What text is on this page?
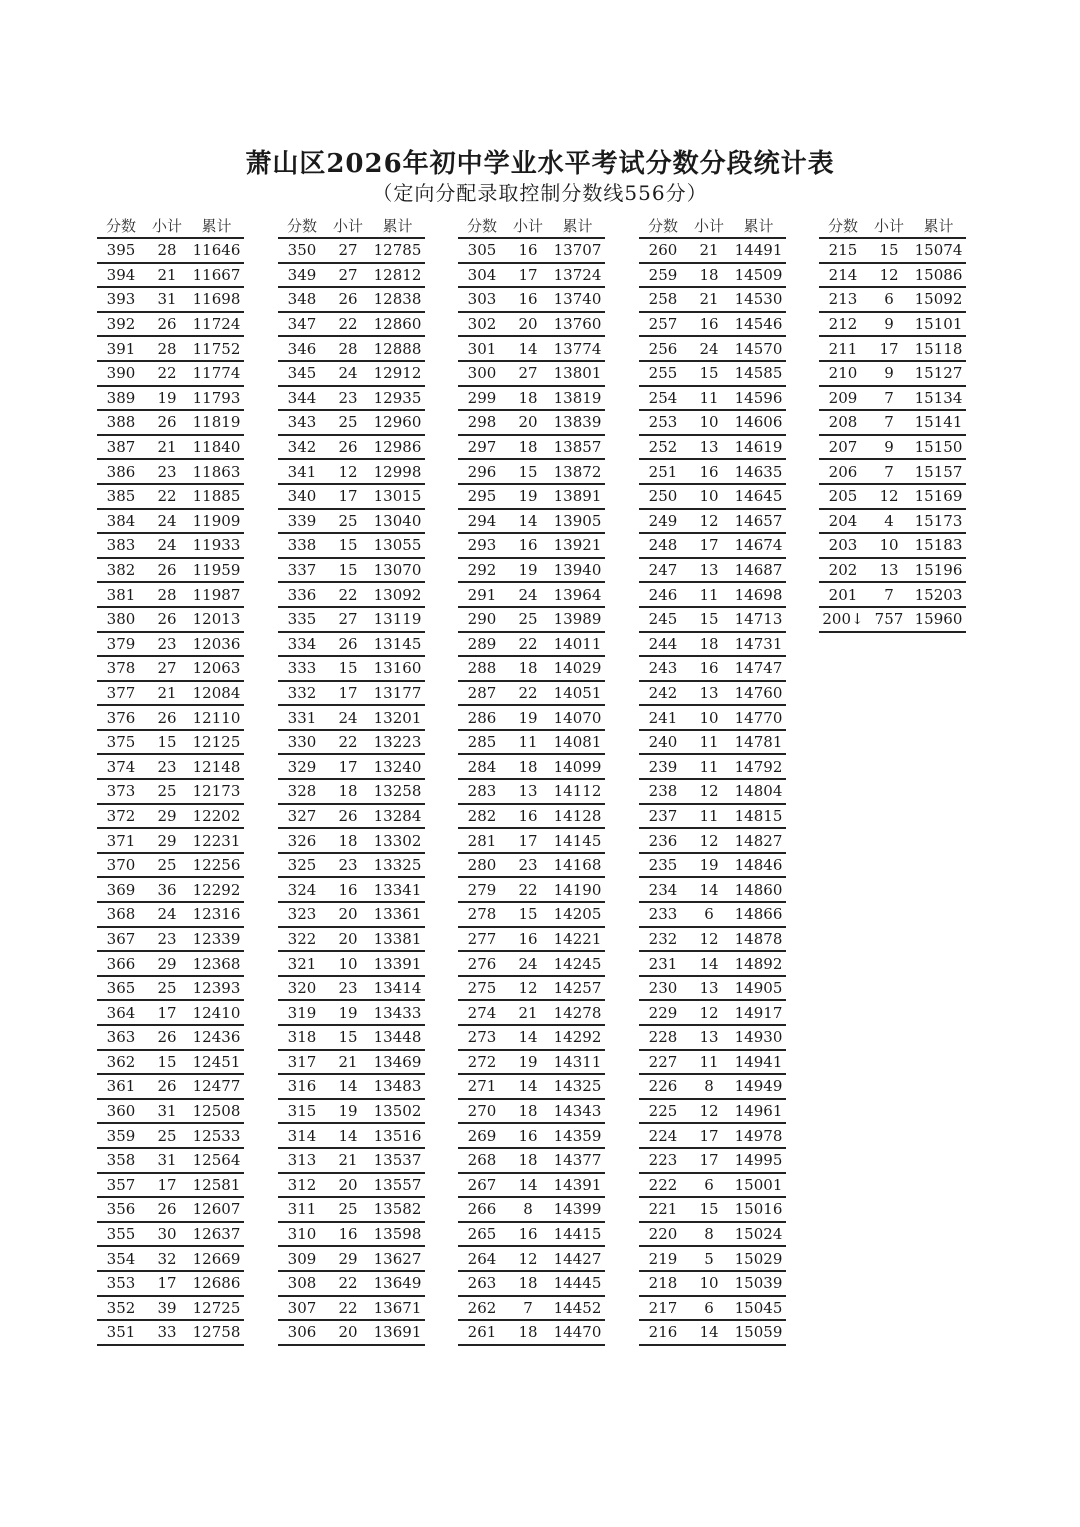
萧山区2026年初中学业水平考试分数分段统计表
（定向分配录取控制分数线556分）
分数	小计	累计
395	28	11646
394	21	11667
393	31	11698
392	26	11724
391	28	11752
390	22	11774
389	19	11793
388	26	11819
387	21	11840
386	23	11863
385	22	11885
384	24	11909
383	24	11933
382	26	11959
381	28	11987
380	26	12013
379	23	12036
378	27	12063
377	21	12084
376	26	12110
375	15	12125
374	23	12148
373	25	12173
372	29	12202
371	29	12231
370	25	12256
369	36	12292
368	24	12316
367	23	12339
366	29	12368
365	25	12393
364	17	12410
363	26	12436
362	15	12451
361	26	12477
360	31	12508
359	25	12533
358	31	12564
357	17	12581
356	26	12607
355	30	12637
354	32	12669
353	17	12686
352	39	12725
351	33	12758
分数	小计	累计
350	27	12785
349	27	12812
348	26	12838
347	22	12860
346	28	12888
345	24	12912
344	23	12935
343	25	12960
342	26	12986
341	12	12998
340	17	13015
339	25	13040
338	15	13055
337	15	13070
336	22	13092
335	27	13119
334	26	13145
333	15	13160
332	17	13177
331	24	13201
330	22	13223
329	17	13240
328	18	13258
327	26	13284
326	18	13302
325	23	13325
324	16	13341
323	20	13361
322	20	13381
321	10	13391
320	23	13414
319	19	13433
318	15	13448
317	21	13469
316	14	13483
315	19	13502
314	14	13516
313	21	13537
312	20	13557
311	25	13582
310	16	13598
309	29	13627
308	22	13649
307	22	13671
306	20	13691
分数	小计	累计
305	16	13707
304	17	13724
303	16	13740
302	20	13760
301	14	13774
300	27	13801
299	18	13819
298	20	13839
297	18	13857
296	15	13872
295	19	13891
294	14	13905
293	16	13921
292	19	13940
291	24	13964
290	25	13989
289	22	14011
288	18	14029
287	22	14051
286	19	14070
285	11	14081
284	18	14099
283	13	14112
282	16	14128
281	17	14145
280	23	14168
279	22	14190
278	15	14205
277	16	14221
276	24	14245
275	12	14257
274	21	14278
273	14	14292
272	19	14311
271	14	14325
270	18	14343
269	16	14359
268	18	14377
267	14	14391
266	8	14399
265	16	14415
264	12	14427
263	18	14445
262	7	14452
261	18	14470
分数	小计	累计
260	21	14491
259	18	14509
258	21	14530
257	16	14546
256	24	14570
255	15	14585
254	11	14596
253	10	14606
252	13	14619
251	16	14635
250	10	14645
249	12	14657
248	17	14674
247	13	14687
246	11	14698
245	15	14713
244	18	14731
243	16	14747
242	13	14760
241	10	14770
240	11	14781
239	11	14792
238	12	14804
237	11	14815
236	12	14827
235	19	14846
234	14	14860
233	6	14866
232	12	14878
231	14	14892
230	13	14905
229	12	14917
228	13	14930
227	11	14941
226	8	14949
225	12	14961
224	17	14978
223	17	14995
222	6	15001
221	15	15016
220	8	15024
219	5	15029
218	10	15039
217	6	15045
216	14	15059
分数	小计	累计
215	15	15074
214	12	15086
213	6	15092
212	9	15101
211	17	15118
210	9	15127
209	7	15134
208	7	15141
207	9	15150
206	7	15157
205	12	15169
204	4	15173
203	10	15183
202	13	15196
201	7	15203
200↓ 757 15960
